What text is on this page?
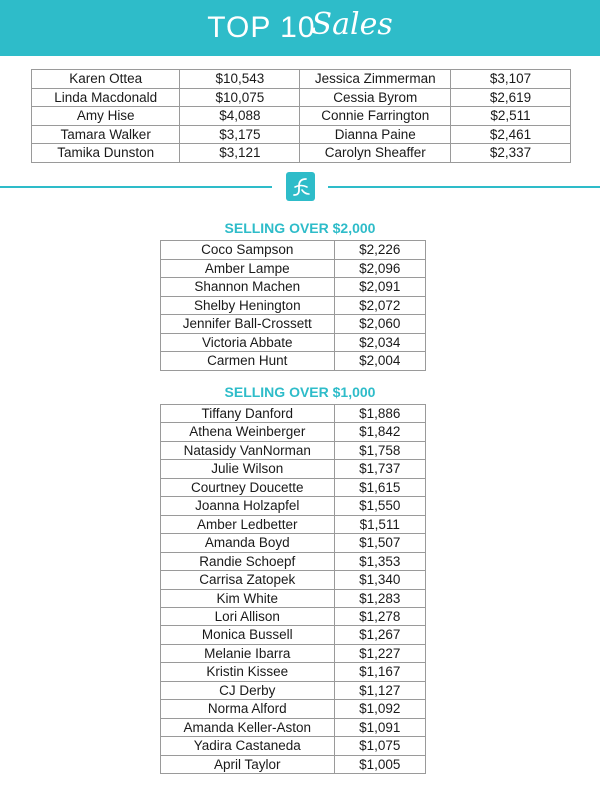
TOP 10
Sales
Karen Ottea	$10,543	Jessica Zimmerman	$3,107
Linda Macdonald	$10,075	Cessia Byrom	$2,619
Amy Hise	$4,088	Connie Farrington	$2,511
Tamara Walker	$3,175	Dianna Paine	$2,461
Tamika Dunston	$3,121	Carolyn Sheaffer	$2,337
SELLING OVER $2,000
Coco Sampson	$2,226
Amber Lampe	$2,096
Shannon Machen	$2,091
Shelby Henington	$2,072
Jennifer Ball-Crossett	$2,060
Victoria Abbate	$2,034
Carmen Hunt	$2,004
SELLING OVER $1,000
Tiffany Danford	$1,886
Athena Weinberger	$1,842
Natasidy VanNorman	$1,758
Julie Wilson	$1,737
Courtney Doucette	$1,615
Joanna Holzapfel	$1,550
Amber Ledbetter	$1,511
Amanda Boyd	$1,507
Randie Schoepf	$1,353
Carrisa Zatopek	$1,340
Kim White	$1,283
Lori Allison	$1,278
Monica Bussell	$1,267
Melanie Ibarra	$1,227
Kristin Kissee	$1,167
CJ Derby	$1,127
Norma Alford	$1,092
Amanda Keller-Aston	$1,091
Yadira Castaneda	$1,075
April Taylor	$1,005
